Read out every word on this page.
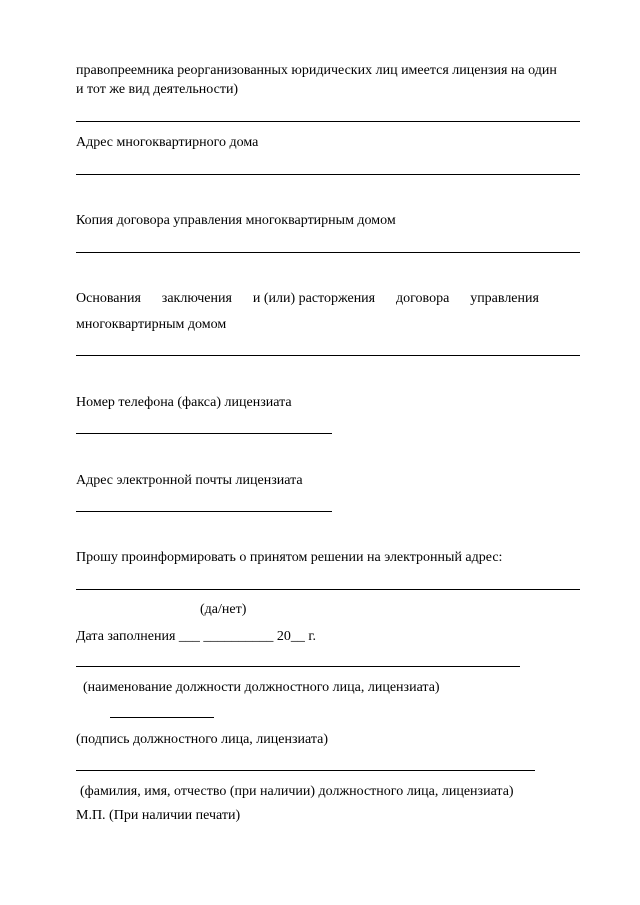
правопреемника реорганизованных юридических лиц имеется лицензия на один
и тот же вид деятельности)
Адрес многоквартирного дома
Копия договора управления многоквартирным домом
Основания заключения и (или) расторжения договора управления
многоквартирным домом
Номер телефона (факса) лицензиата
Адрес электронной почты лицензиата
Прошу проинформировать о принятом решении на электронный адрес:
(да/нет)
Дата заполнения ___ __________ 20__ г.
(наименование должности должностного лица, лицензиата)
(подпись должностного лица, лицензиата)
(фамилия, имя, отчество (при наличии) должностного лица, лицензиата)
М.П. (При наличии печати)
